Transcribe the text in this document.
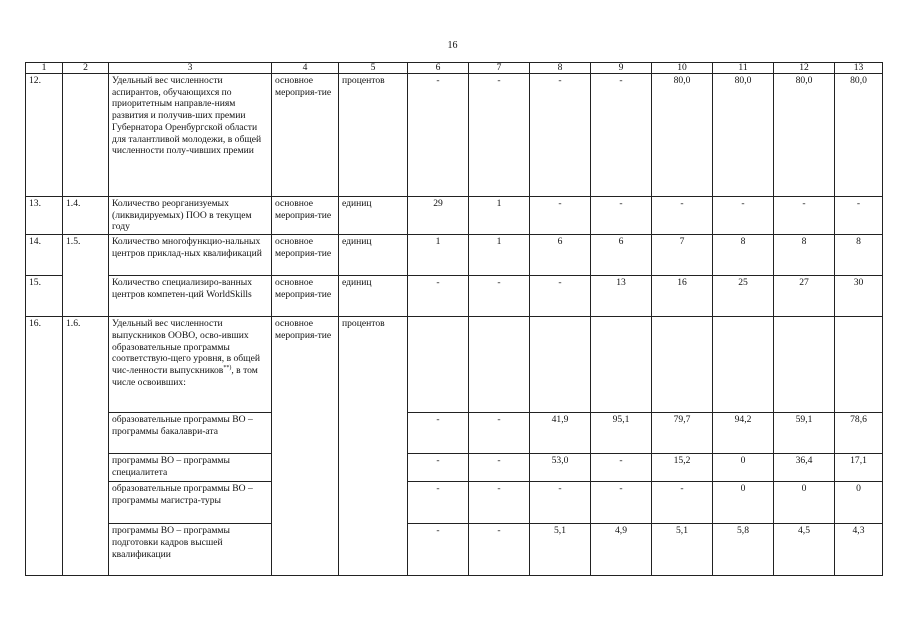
16
1	2	3	4	5	6	7	8	9	10	11	12	13
12.		Удельный вес численности аспирантов, обучающихся по приоритетным направле-ниям развития и получив-ших премии Губернатора Оренбургской области для талантливой молодежи, в общей численности полу-чивших премии	основное мероприя-тие	процентов	-	-	-	-	80,0	80,0	80,0	80,0
13.	1.4.	Количество реорганизуемых (ликвидируемых) ПОО в текущем году	основное мероприя-тие	единиц	29	1	-	-	-	-	-	-
14.	1.5.	Количество многофункцио-нальных центров приклад-ных квалификаций	основное мероприя-тие	единиц	1	1	6	6	7	8	8	8
15.		Количество специализиро-ванных центров компетен-ций WorldSkills	основное мероприя-тие	единиц	-	-	-	13	16	25	27	30
16.	1.6.	Удельный вес численности выпускников ООВО, осво-ивших образовательные программы соответствую-щего уровня, в общей чис-ленности выпускников**), в том числе освоивших:	основное мероприя-тие	процентов								
		образовательные программы ВО – программы бакалаври-ата			-	-	41,9	95,1	79,7	94,2	59,1	78,6
		программы ВО – программы специалитета			-	-	53,0	-	15,2	0	36,4	17,1
		образовательные программы ВО – программы магистра-туры			-	-	-	-	-	0	0	0
		программы ВО – программы подготовки кадров высшей квалификации			-	-	5,1	4,9	5,1	5,8	4,5	4,3
